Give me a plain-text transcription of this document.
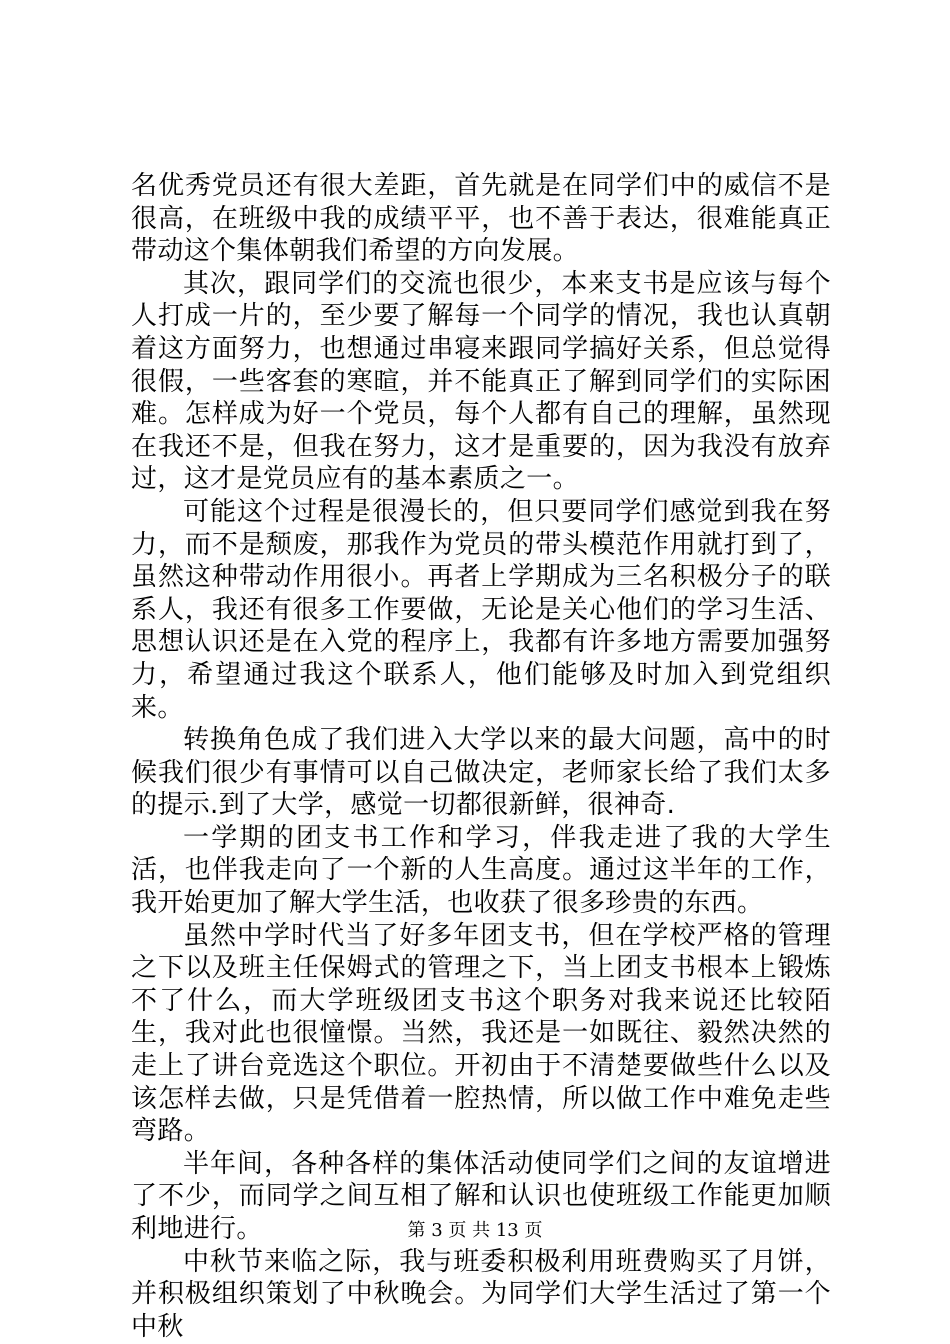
名优秀党员还有很大差距，首先就是在同学们中的威信不是很高，在班级中我的成绩平平，也不善于表达，很难能真正带动这个集体朝我们希望的方向发展。

其次，跟同学们的交流也很少，本来支书是应该与每个人打成一片的，至少要了解每一个同学的情况，我也认真朝着这方面努力，也想通过串寝来跟同学搞好关系，但总觉得很假，一些客套的寒暄，并不能真正了解到同学们的实际困难。怎样成为好一个党员，每个人都有自己的理解，虽然现在我还不是，但我在努力，这才是重要的，因为我没有放弃过，这才是党员应有的基本素质之一。

可能这个过程是很漫长的，但只要同学们感觉到我在努力，而不是颓废，那我作为党员的带头模范作用就打到了，虽然这种带动作用很小。再者上学期成为三名积极分子的联系人，我还有很多工作要做，无论是关心他们的学习生活、思想认识还是在入党的程序上，我都有许多地方需要加强努力，希望通过我这个联系人，他们能够及时加入到党组织来。

转换角色成了我们进入大学以来的最大问题，高中的时候我们很少有事情可以自己做决定，老师家长给了我们太多的提示.到了大学，感觉一切都很新鲜，很神奇.

一学期的团支书工作和学习，伴我走进了我的大学生活，也伴我走向了一个新的人生高度。通过这半年的工作，我开始更加了解大学生活，也收获了很多珍贵的东西。

虽然中学时代当了好多年团支书，但在学校严格的管理之下以及班主任保姆式的管理之下，当上团支书根本上锻炼不了什么，而大学班级团支书这个职务对我来说还比较陌生，我对此也很憧憬。当然，我还是一如既往、毅然决然的走上了讲台竞选这个职位。开初由于不清楚要做些什么以及该怎样去做，只是凭借着一腔热情，所以做工作中难免走些弯路。

半年间，各种各样的集体活动使同学们之间的友谊增进了不少，而同学之间互相了解和认识也使班级工作能更加顺利地进行。

中秋节来临之际，我与班委积极利用班费购买了月饼，并积极组织策划了中秋晚会。为同学们大学生活过了第一个中秋

第 3 页 共 13 页
